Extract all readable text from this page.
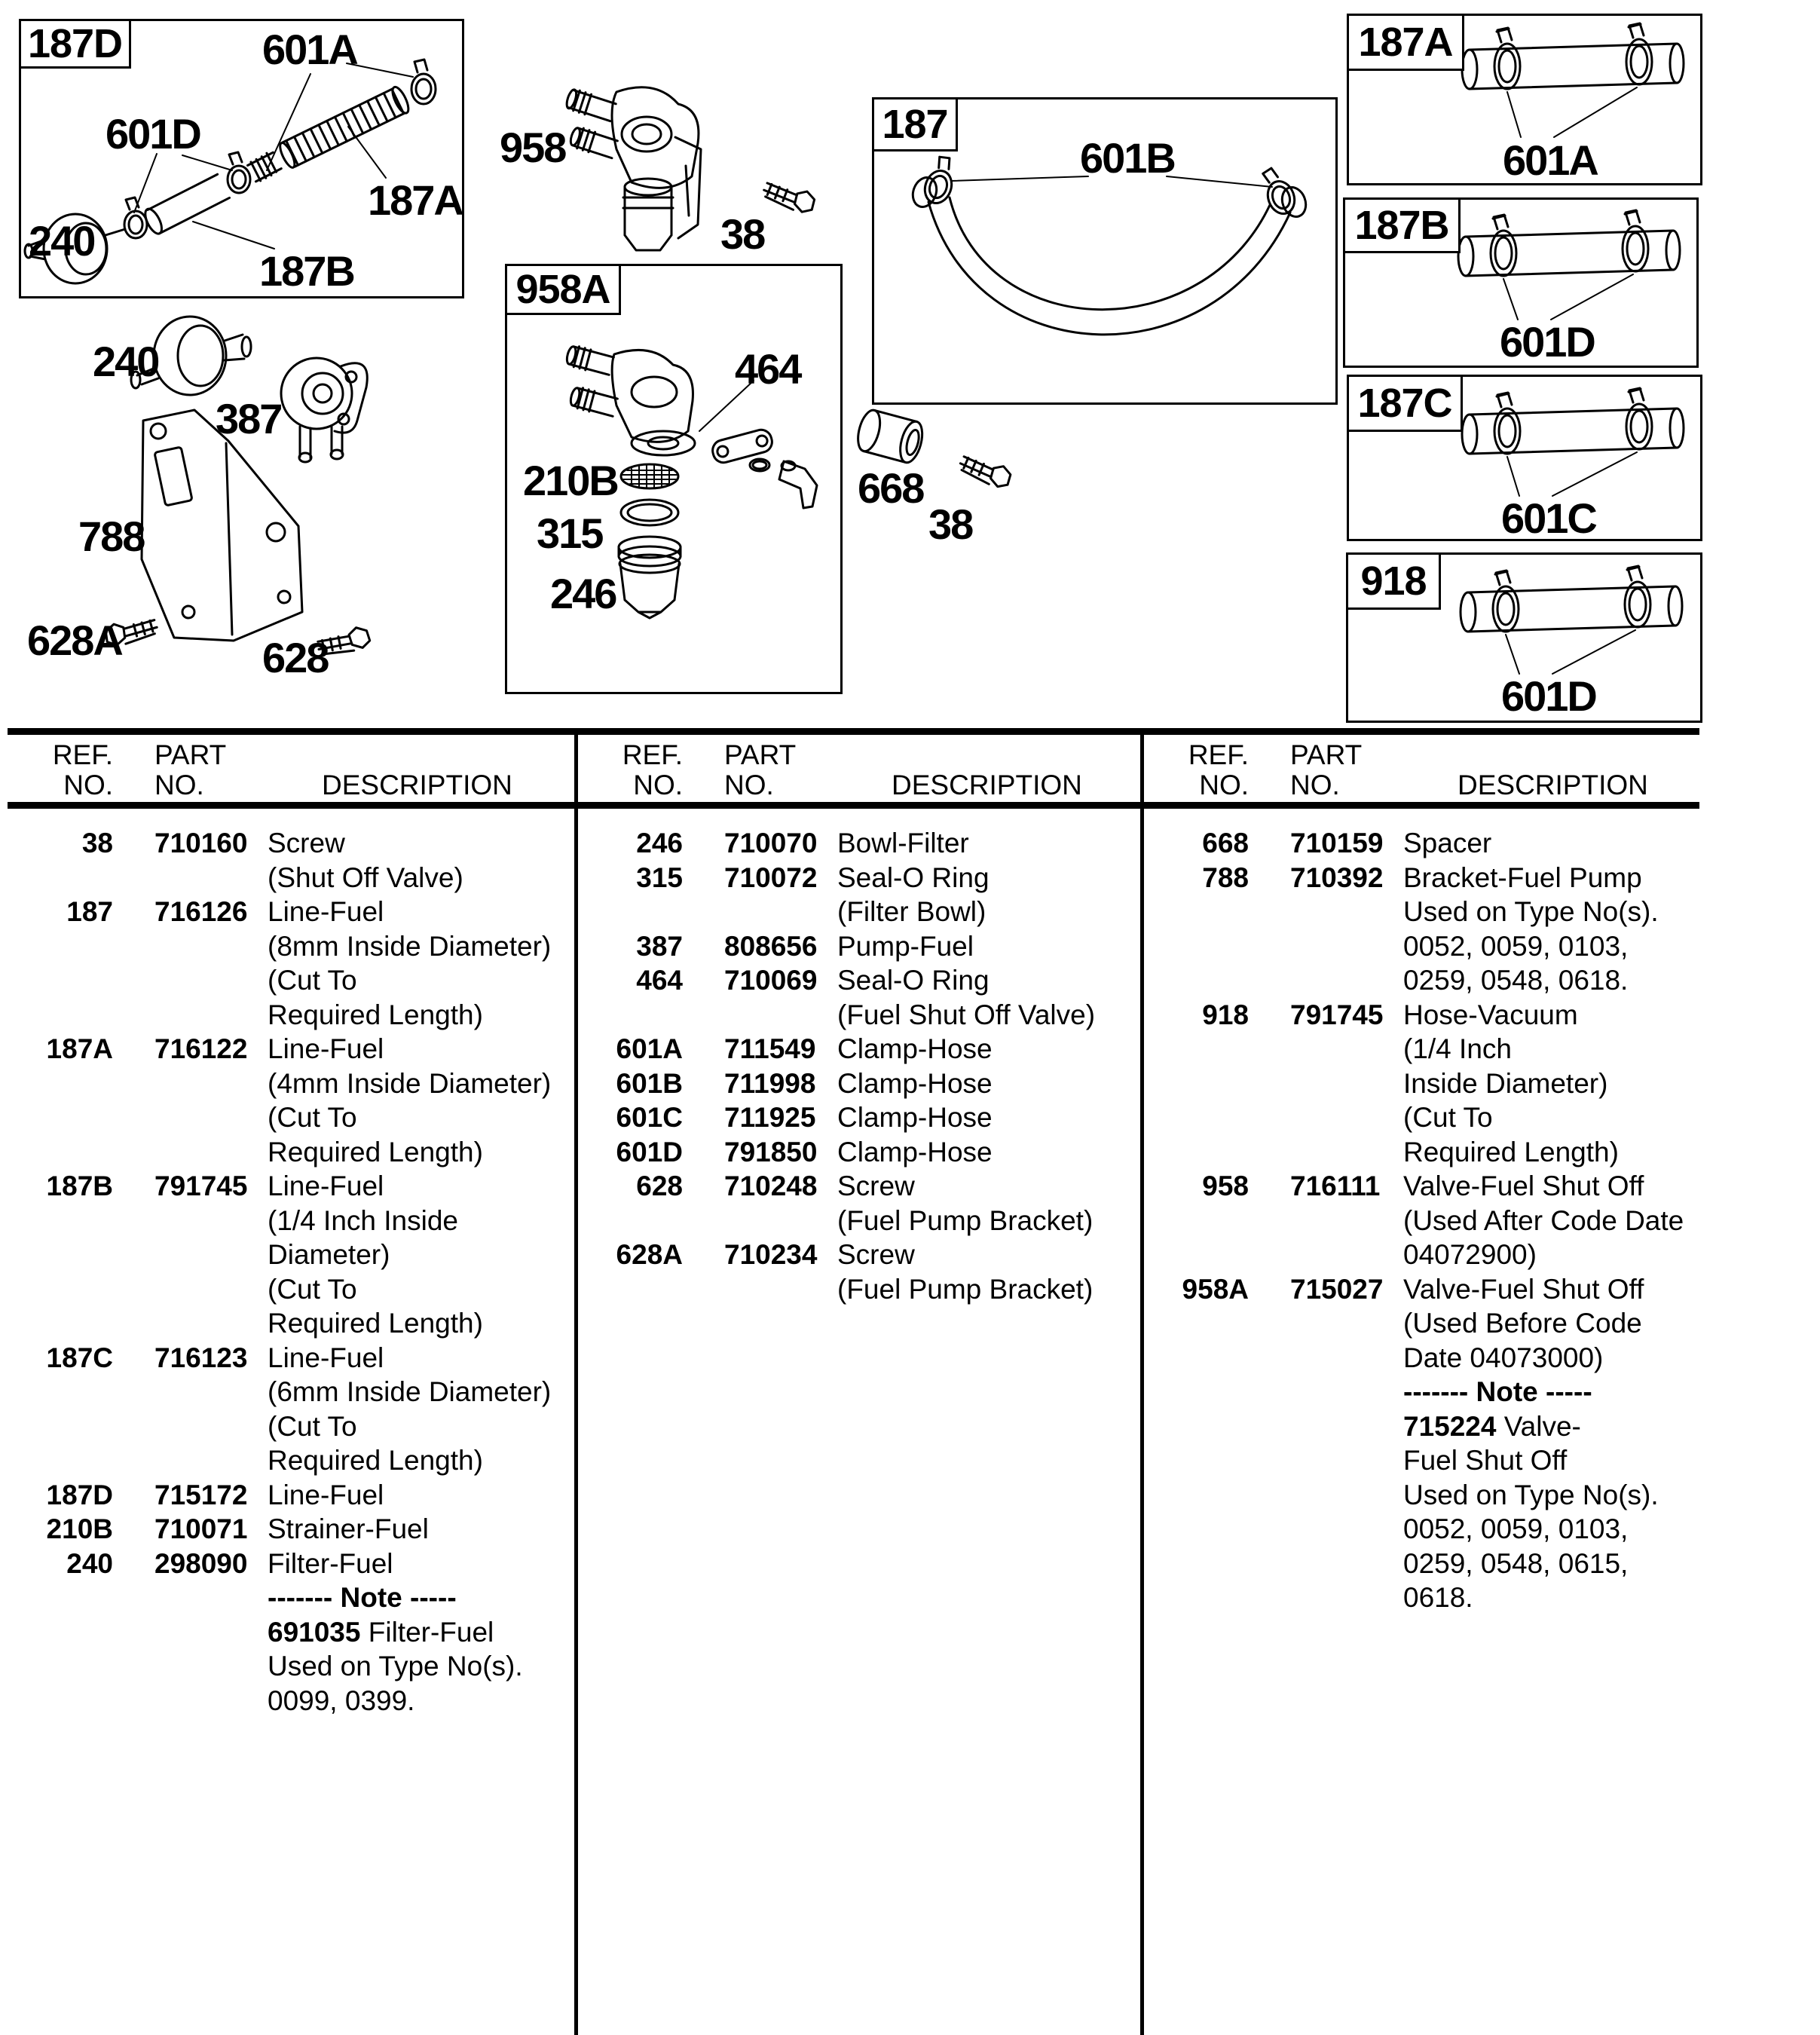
187D
958A
187
187A
187B
187C
918
601A
601D
187A
187B
240
958
38
464
210B
315
246
668
38
601B	601A
601D
601C
601D
240
387
788
628A	628
REF.	PART
NO.	NO.	DESCRIPTION
REF.	PART
NO.	NO.	DESCRIPTION
REF.	PART
NO.	NO.	DESCRIPTION
38	710160 Screw
(Shut Off Valve)
187	716126 Line-Fuel
(8mm Inside Diameter)
(Cut To
Required Length)
187A	716122 Line-Fuel
(4mm Inside Diameter)
(Cut To
Required Length)
187B	791745 Line-Fuel
(1/4 Inch Inside
Diameter)
(Cut To
Required Length)
187C	716123 Line-Fuel
(6mm Inside Diameter)
(Cut To
Required Length)
187D	715172 Line-Fuel
210B	710071 Strainer-Fuel
240	298090 Filter-Fuel
------- Note -----
691035 Filter-Fuel
Used on Type No(s).
0099, 0399.
246	710070 Bowl-Filter
315	710072 Seal-O Ring
(Filter Bowl)
387	808656 Pump-Fuel
464	710069 Seal-O Ring
(Fuel Shut Off Valve)
601A	711549 Clamp-Hose
601B	711998 Clamp-Hose
601C	711925 Clamp-Hose
601D	791850 Clamp-Hose
628	710248 Screw
(Fuel Pump Bracket)
628A	710234 Screw
(Fuel Pump Bracket)
668	710159 Spacer
788	710392 Bracket-Fuel Pump
Used on Type No(s).
0052, 0059, 0103,
0259, 0548, 0618.
918	791745 Hose-Vacuum
(1/4 Inch
Inside Diameter)
(Cut To
Required Length)
958	716111 Valve-Fuel Shut Off
(Used After Code Date
04072900)
958A	715027 Valve-Fuel Shut Off
(Used Before Code
Date 04073000)
------- Note -----
715224 Valve-
Fuel Shut Off
Used on Type No(s).
0052, 0059, 0103,
0259, 0548, 0615,
0618.
